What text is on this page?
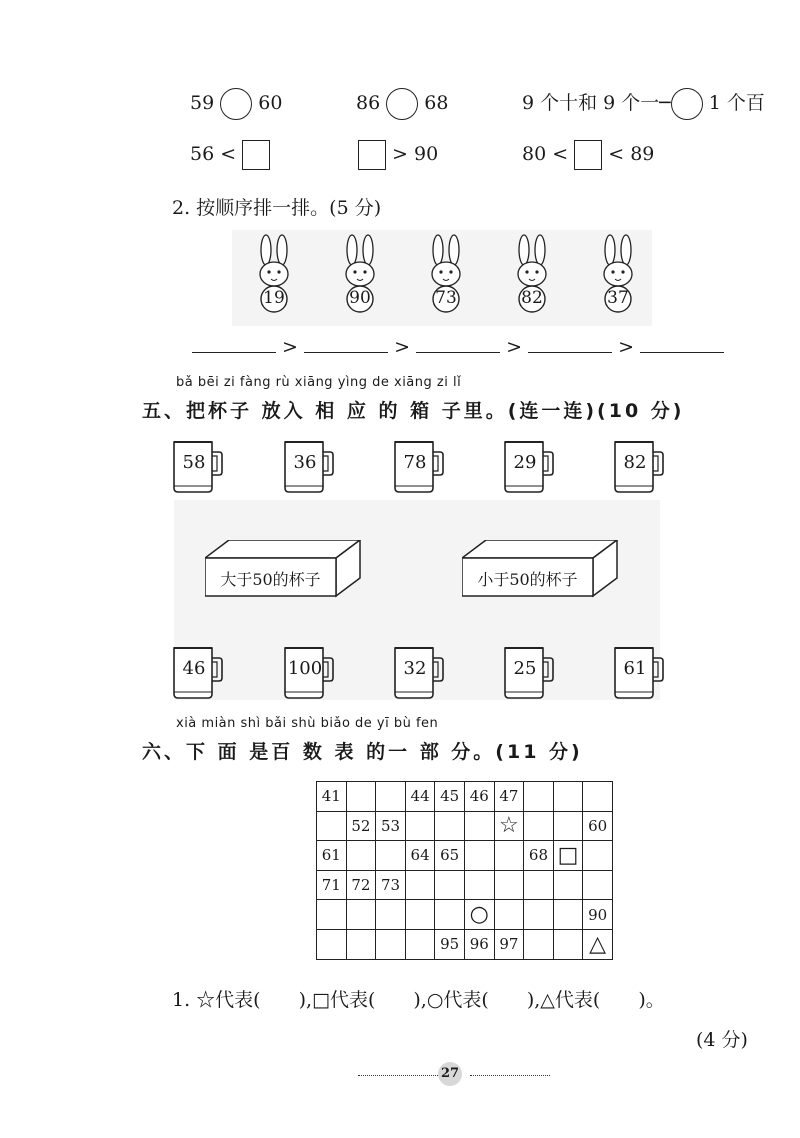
59 60	86 68	9 个十和 9 个一─ 1 个百
56 <	> 90	80 < < 89
2. 按顺序排一排。(5 分)
19	90	73	82	37
>	>	>	>
bǎ bēi zi fàng rù xiāng yìng de xiāng zi lǐ
五、把杯子 放入 相 应 的 箱 子里。(连一连)(10 分)
58	36	78	29	82
大于50的杯子	小于50的杯子
46	100	32	25	61
xià miàn shì bǎi shù biǎo de yī bù fen
六、下 面 是百 数 表 的一 部 分。(11 分)
41			44	45	46	47			
	52	53				☆			60
61			64	65			68	□	
71	72	73							
					○				90
				95	96	97			△
1. ☆代表(　　),□代表(　　),○代表(　　),△代表(　　)。
(4 分)
27
